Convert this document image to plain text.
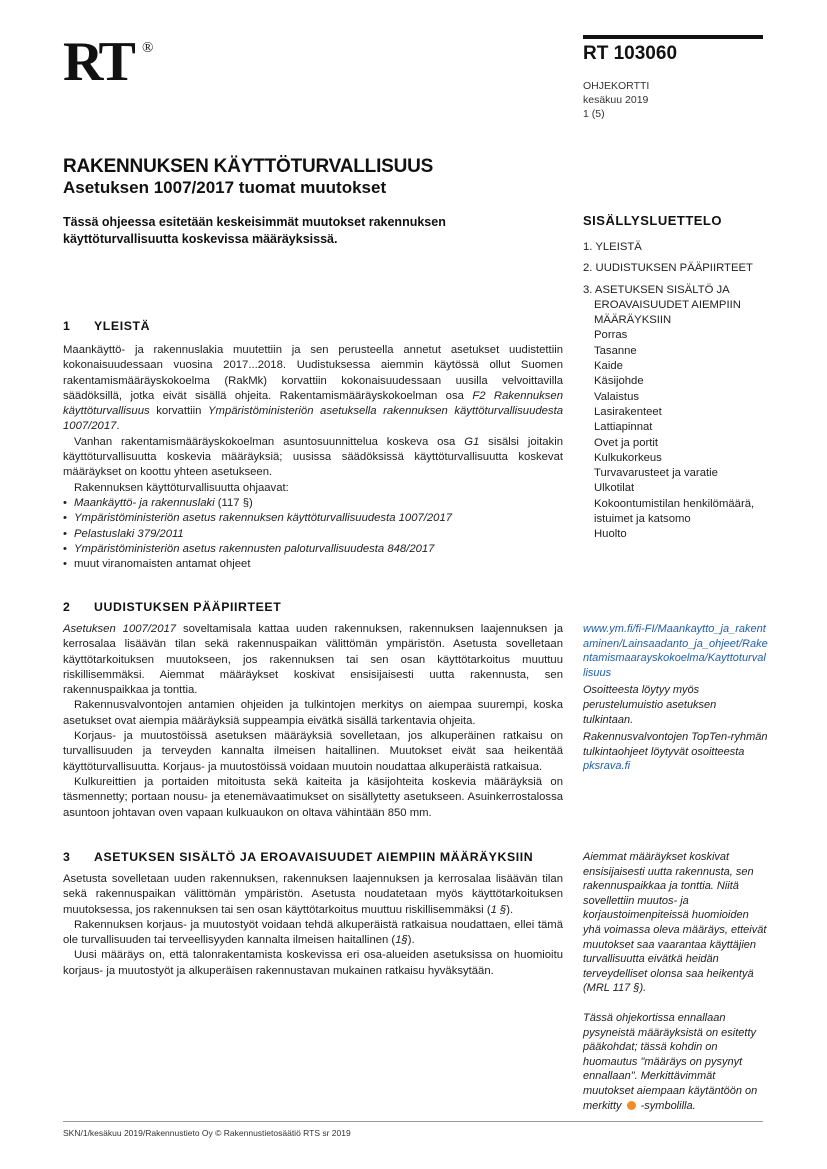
RT ®	RT 103060
OHJEKORTTI
kesäkuu 2019
1 (5)
RAKENNUKSEN KÄYTTÖTURVALLISUUS
Asetuksen 1007/2017 tuomat muutokset
Tässä ohjeessa esitetään keskeisimmät muutokset rakennuksen käyttöturvallisuutta koskevissa määräyksissä.
SISÄLLYSLUETTELO
1. YLEISTÄ
2. UUDISTUKSEN PÄÄPIIRTEET
3. ASETUKSEN SISÄLTÖ JA
EROAVAISUUDET AIEMPIIN
MÄÄRÄYKSIIN
Porras
Tasanne
Kaide
Käsijohde
Valaistus
Lasirakenteet
Lattiapinnat
Ovet ja portit
Kulkukorkeus
Turvavarusteet ja varatie
Ulkotilat
Kokoontumistilan henkilömäärä,
istuimet ja katsomo
Huolto
1 YLEISTÄ

Maankäyttö- ja rakennuslakia muutettiin ja sen perusteella annetut asetukset uudistettiin kokonaisuudessaan vuosina 2017...2018. Uudistuksessa aiemmin käytössä ollut Suomen rakentamismääräyskokoelma (RakMk) korvattiin kokonaisuudessaan uusilla velvoittavilla säädöksillä, jotka eivät sisällä ohjeita. Rakentamismääräyskokoelman osa F2 Rakennuksen käyttöturvallisuus korvattiin Ympäristöministeriön asetuksella rakennuksen käyttöturvallisuudesta 1007/2017.

Vanhan rakentamismääräyskokoelman asuntosuunnittelua koskeva osa G1 sisälsi joitakin käyttöturvallisuutta koskevia määräyksiä; uusissa säädöksissä käyttöturvallisuutta koskevat määräykset on koottu yhteen asetukseen.

Rakennuksen käyttöturvallisuutta ohjaavat:

• Maankäyttö- ja rakennuslaki (117 §)
• Ympäristöministeriön asetus rakennuksen käyttöturvallisuudesta 1007/2017
• Pelastuslaki 379/2011
• Ympäristöministeriön asetus rakennusten paloturvallisuudesta 848/2017
• muut viranomaisten antamat ohjeet
2 UUDISTUKSEN PÄÄPIIRTEET

Asetuksen 1007/2017 soveltamisala kattaa uuden rakennuksen, rakennuksen laajennuksen ja kerrosalaa lisäävän tilan sekä rakennuspaikan välittömän ympäristön. Asetusta sovelletaan käyttötarkoituksen muutokseen, jos rakennuksen tai sen osan käyttötarkoitus muuttuu riskillisemmäksi. Aiemmat määräykset koskivat ensisijaisesti uutta rakennusta, sen rakennuspaikkaa ja tonttia.

Rakennusvalvontojen antamien ohjeiden ja tulkintojen merkitys on aiempaa suurempi, koska asetukset ovat aiempia määräyksiä suppeampia eivätkä sisällä tarkentavia ohjeita.

Korjaus- ja muutostöissä asetuksen määräyksiä sovelletaan, jos alkuperäinen ratkaisu on turvallisuuden ja terveyden kannalta ilmeisen haitallinen. Muutokset eivät saa heikentää käyttöturvallisuutta. Korjaus- ja muutostöissä voidaan muutoin noudattaa alkuperäistä ratkaisua.

Kulkureittien ja portaiden mitoitusta sekä kaiteita ja käsijohteita koskevia määräyksiä on täsmennetty; portaan nousu- ja etenemävaatimukset on sisällytetty asetukseen. Asuinkerrostalossa asuntoon johtavan oven vapaan kulkuaukon on oltava vähintään 850 mm.

www.ym.fi/fi-FI/Maankaytto_ja_rakentaminen/Lainsaadanto_ja_ohjeet/Rakentamismaarayskokoelma/Kayttoturvallisuus

Osoitteesta löytyy myös perustelumuistio asetuksen tulkintaan.

Rakennusvalvontojen TopTen-ryhmän tulkintaohjeet löytyvät osoitteesta pksrava.fi

3 ASETUKSEN SISÄLTÖ JA EROAVAISUUDET AIEMPIIN MÄÄRÄYKSIIN

Asetusta sovelletaan uuden rakennuksen, rakennuksen laajennuksen ja kerrosalaa lisäävän tilan sekä rakennuspaikan välittömän ympäristön. Asetusta noudatetaan myös käyttötarkoituksen muutoksessa, jos rakennuksen tai sen osan käyttötarkoitus muuttuu riskillisemmäksi (1 §).

Rakennuksen korjaus- ja muutostyöt voidaan tehdä alkuperäistä ratkaisua noudattaen, ellei tämä ole turvallisuuden tai terveellisyyden kannalta ilmeisen haitallinen (1§).

Uusi määräys on, että talonrakentamista koskevissa eri osa-alueiden asetuksissa on huomioitu korjaus- ja muutostyöt ja alkuperäisen rakennustavan mukainen ratkaisu hyväksytään.

Aiemmat määräykset koskivat ensisijaisesti uutta rakennusta, sen rakennuspaikkaa ja tonttia. Niitä sovellettiin muutos- ja korjaustoimenpiteissä huomioiden yhä voimassa oleva määräys, etteivät muutokset saa vaarantaa käyttäjien turvallisuutta eivätkä heidän terveydelliset olonsa saa heikentyä (MRL 117 §).

Tässä ohjekortissa ennallaan pysyneistä määräyksistä on esitetty pääkohdat; tässä kohdin on huomautus "määräys on pysynyt ennallaan". Merkittävimmät muutokset aiempaan käytäntöön on merkitty  -symbolilla.

SKN/1/kesäkuu 2019/Rakennustieto Oy © Rakennustietosäätiö RTS sr 2019
